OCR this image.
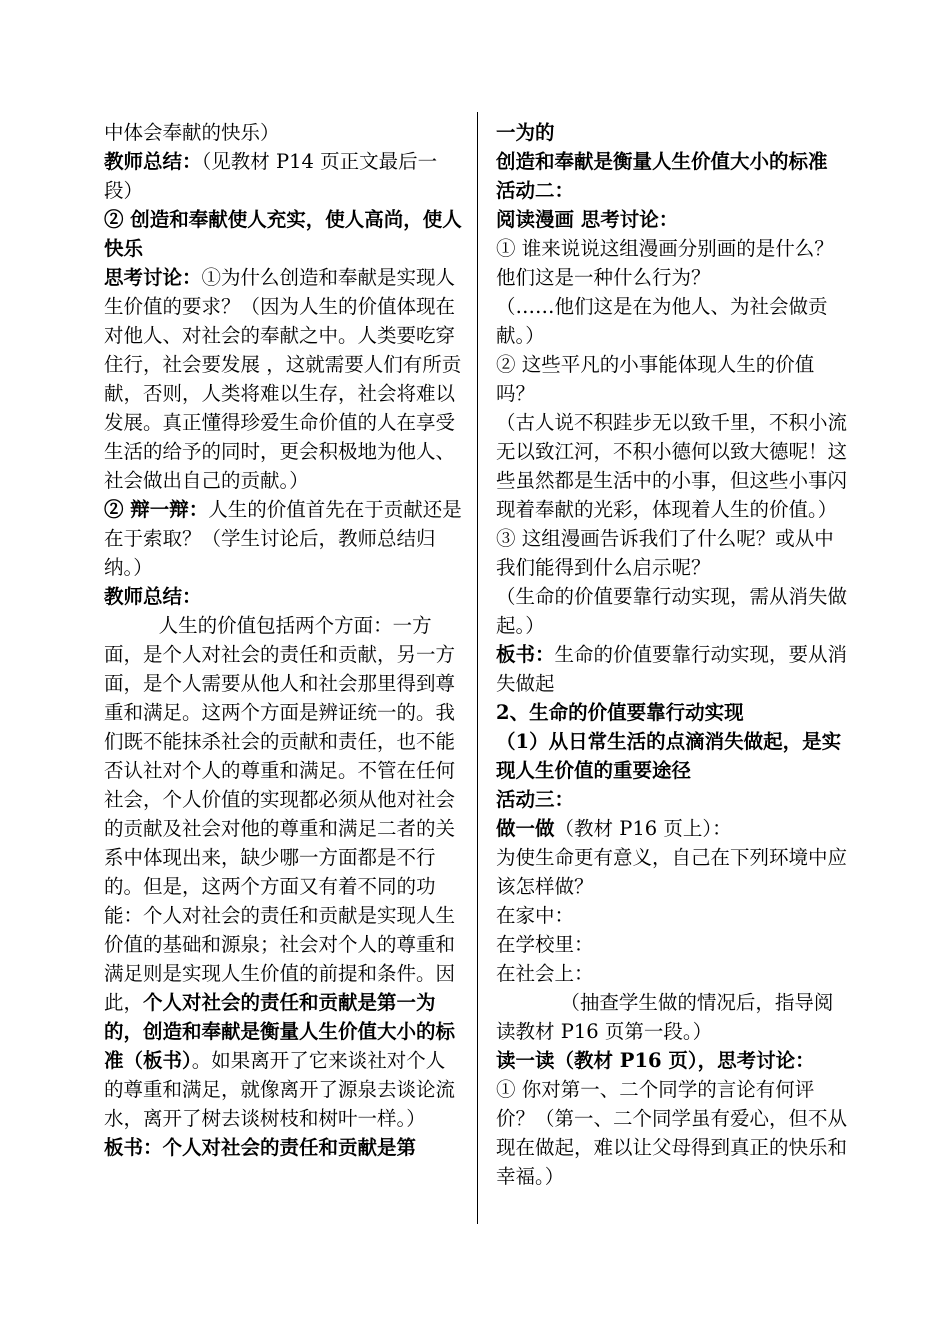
中体会奉献的快乐）

教师总结：（见教材 P14 页正文最后一段）

② 创造和奉献使人充实，使人高尚，使人快乐

思考讨论：①为什么创造和奉献是实现人生价值的要求？（因为人生的价值体现在对他人、对社会的奉献之中。人类要吃穿住行，社会要发展 ，这就需要人们有所贡献，否则，人类将难以生存，社会将难以发展。真正懂得珍爱生命价值的人在享受生活的给予的同时，更会积极地为他人、社会做出自己的贡献。）

② 辩一辩：人生的价值首先在于贡献还是在于索取？（学生讨论后，教师总结归纳。）

教师总结：

人生的价值包括两个方面：一方面，是个人对社会的责任和贡献，另一方面，是个人需要从他人和社会那里得到尊重和满足。这两个方面是辨证统一的。我们既不能抹杀社会的贡献和责任，也不能否认社对个人的尊重和满足。不管在任何社会，个人价值的实现都必须从他对社会的贡献及社会对他的尊重和满足二者的关系中体现出来，缺少哪一方面都是不行的。但是，这两个方面又有着不同的功能：个人对社会的责任和贡献是实现人生价值的基础和源泉；社会对个人的尊重和满足则是实现人生价值的前提和条件。因此，个人对社会的责任和贡献是第一为的，创造和奉献是衡量人生价值大小的标准（板书）。如果离开了它来谈社对个人的尊重和满足，就像离开了源泉去谈论流水，离开了树去谈树枝和树叶一样。）

板书：个人对社会的责任和贡献是第

一为的

创造和奉献是衡量人生价值大小的标准

活动二：

阅读漫画 思考讨论：

① 谁来说说这组漫画分别画的是什么？他们这是一种什么行为？

（……他们这是在为他人、为社会做贡献。）

② 这些平凡的小事能体现人生的价值吗？

（古人说不积跬步无以致千里，不积小流无以致江河，不积小德何以致大德呢！这些虽然都是生活中的小事，但这些小事闪现着奉献的光彩，体现着人生的价值。）

③ 这组漫画告诉我们了什么呢？或从中我们能得到什么启示呢？

（生命的价值要靠行动实现，需从消失做起。）

板书：生命的价值要靠行动实现，要从消失做起

2、生命的价值要靠行动实现

（1）从日常生活的点滴消失做起，是实现人生价值的重要途径

活动三：

做一做（教材 P16 页上）：

为使生命更有意义，自己在下列环境中应该怎样做？

在家中：

在学校里：

在社会上：

（抽查学生做的情况后，指导阅读教材 P16 页第一段。）

读一读（教材 P16 页），思考讨论：

① 你对第一、二个同学的言论有何评价？（第一、二个同学虽有爱心，但不从现在做起，难以让父母得到真正的快乐和幸福。）
